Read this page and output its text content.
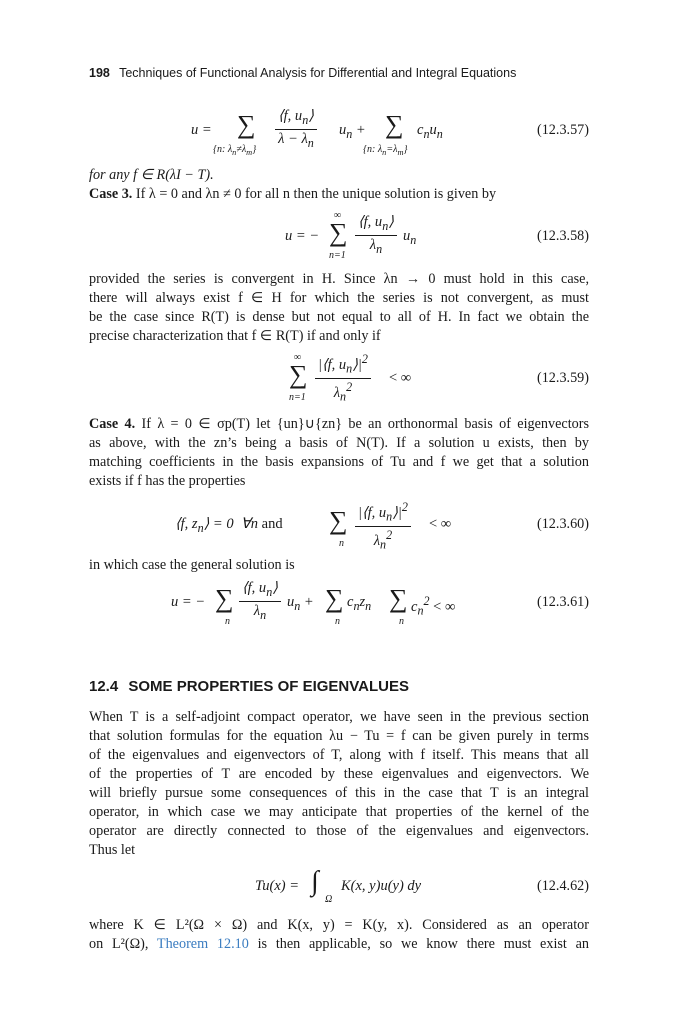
198 Techniques of Functional Analysis for Differential and Integral Equations
u = ∑
{n: $\lambda_n\ne\lambda_m\} \frac{⟨f, u_n⟩}{\lambda - \lambda_n} u_n$ + ∑
{n: $\lambda_n=\lambda_m$}
$c_nu_n$	(12.3.57)
for any f ∈ R(λI − T).
Case 3. If λ = 0 and λn ≠ 0 for all n then the unique solution is given by
u = −
∞
∑
$n=1 \frac{⟨f, u_n⟩}{\lambda_n} u_n$	(12.3.58)
provided the series is convergent in H. Since λn → 0 must hold in this case,
there will always exist f ∈ H for which the series is not convergent, as must
be the case since R(T) is dense but not equal to all of H. In fact we obtain the
precise characterization that f ∈ R(T) if and only if
∞
∑
$n=1 \frac{|⟨f, u_n⟩|^2}{\lambda_n^2}$ < ∞	(12.3.59)
Case 4. If λ = 0 ∈ σp(T) let {un}∪{zn} be an orthonormal basis of eigenvectors
as above, with the zn’s being a basis of N(T). If a solution u exists, then by
matching coefficients in the basis expansions of Tu and f we get that a solution
exists if f has the properties
⟨f, $z_n⟩ = 0$  ∀n and ∑
n $\frac{|⟨f, u_n⟩|^2}{\lambda_n^2}$ < ∞	(12.3.60)
in which case the general solution is
u = − ∑
n $\frac{⟨f, u_n⟩}{\lambda_n} u_n$ + ∑
n
$c_nz_n$ ∑
n
$c_n^2$ < ∞	(12.3.61)
12.4 SOME PROPERTIES OF EIGENVALUES
When T is a self-adjoint compact operator, we have seen in the previous section
that solution formulas for the equation λu − Tu = f can be given purely in terms
of the eigenvalues and eigenvectors of T, along with f itself. This means that all
of the properties of T are encoded by these eigenvalues and eigenvectors. We
will briefly pursue some consequences of this in the case that T is an integral
operator, in which case we may anticipate that properties of the kernel of the
operator are directly connected to those of the eigenvalues and eigenvectors.
Thus let
Tu(x) = ∫
Ω
K(x, y)u(y) dy	(12.4.62)
where K ∈ L²(Ω × Ω) and K(x, y) = K(y, x). Considered as an operator
on L²(Ω), Theorem 12.10 is then applicable, so we know there must exist an
